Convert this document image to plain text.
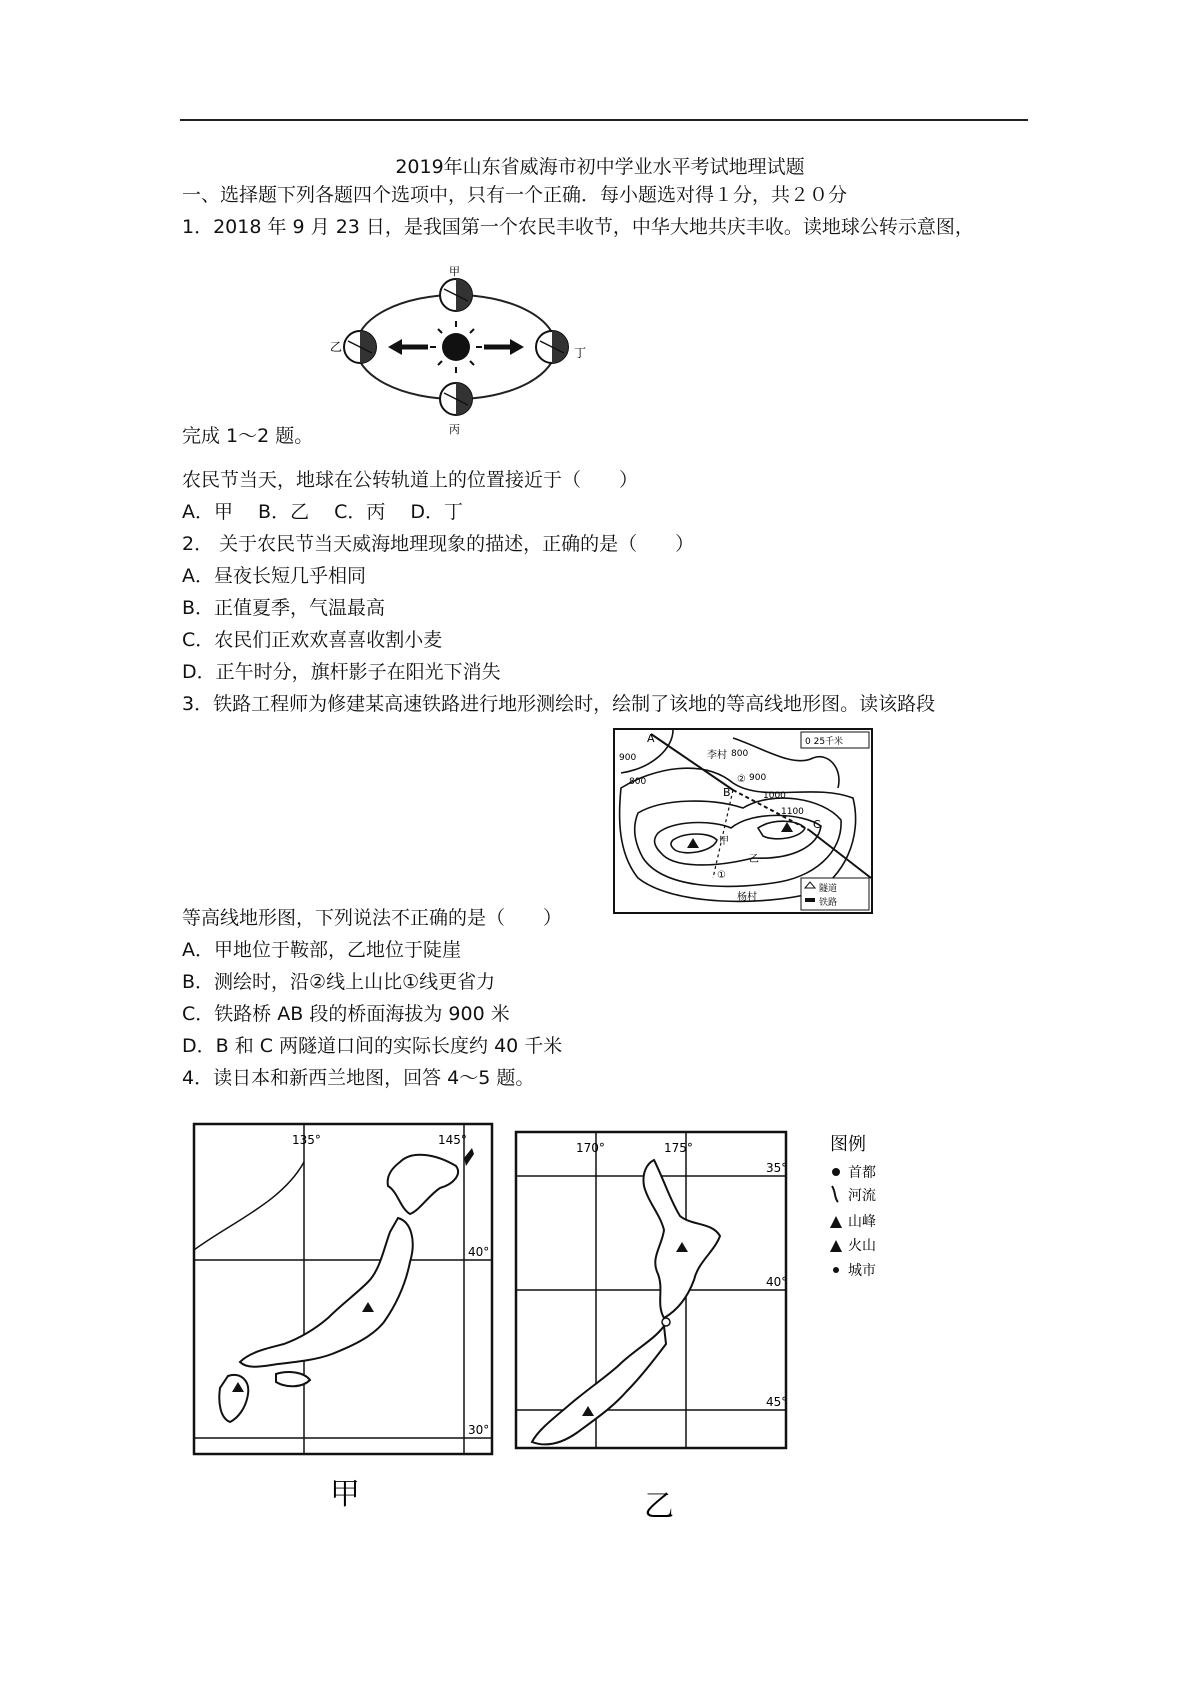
2019年山东省威海市初中学业水平考试地理试题
一、选择题下列各题四个选项中，只有一个正确．每小题选对得１分，共２０分
1．2018 年 9 月 23 日，是我国第一个农民丰收节，中华大地共庆丰收。读地球公转示意图，
甲
乙
丙
丁
完成 1～2 题。
农民节当天，地球在公转轨道上的位置接近于（　　）
A．甲　 B．乙　 C．丙　 D．丁
2． 关于农民节当天威海地理现象的描述，正确的是（　　）
A．昼夜长短几乎相同
B．正值夏季，气温最高
C．农民们正欢欢喜喜收割小麦
D．正午时分，旗杆影子在阳光下消失
3．铁路工程师为修建某高速铁路进行地形测绘时，绘制了该地的等高线地形图。读该路段
0 25千米
隧道
铁路
900
800
800
900
1000
1100
李村
杨村
甲
乙
A
B
C
①
②
等高线地形图，下列说法不正确的是（　　）
A．甲地位于鞍部，乙地位于陡崖
B．测绘时，沿②线上山比①线更省力
C．铁路桥 AB 段的桥面海拔为 900 米
D．B 和 C 两隧道口间的实际长度约 40 千米
4．读日本和新西兰地图，回答 4～5 题。
135°	145°
40°
30°
甲
170°	175°
35°
40°
45°
乙
图例
首都
河流
山峰
火山
城市
